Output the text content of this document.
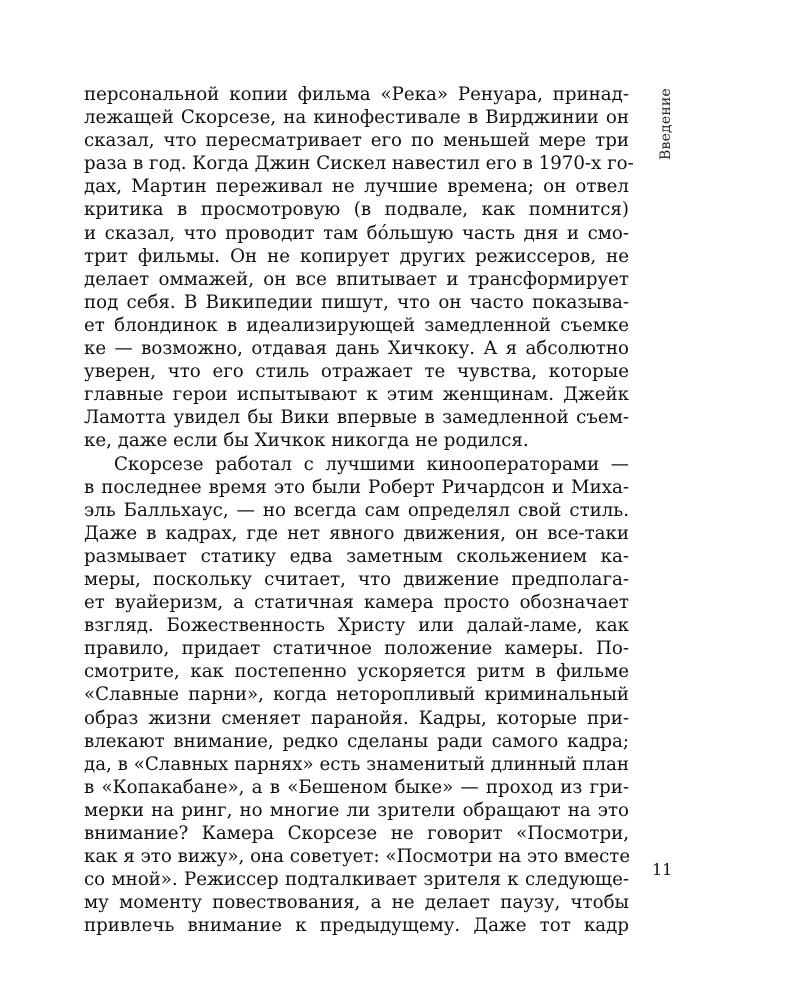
Введение
персональной копии фильма «Река» Ренуара, принад-
лежащей Скорсезе, на кинофестивале в Вирджинии он
сказал, что пересматривает его по меньшей мере три
раза в год. Когда Джин Сискел навестил его в 1970-х го-
дах, Мартин переживал не лучшие времена; он отвел
критика в просмотровую (в подвале, как помнится)
и сказал, что проводит там бóльшую часть дня и смо-
трит фильмы. Он не копирует других режиссеров, не
делает оммажей, он все впитывает и трансформирует
под себя. В Википедии пишут, что он часто показыва-
ет блондинок в идеализирующей замедленной съемке
ке — возможно, отдавая дань Хичкоку. А я абсолютно
уверен, что его стиль отражает те чувства, которые
главные герои испытывают к этим женщинам. Джейк
Ламотта увидел бы Вики впервые в замедленной съем-
ке, даже если бы Хичкок никогда не родился.
Скорсезе работал с лучшими кинооператорами —
в последнее время это были Роберт Ричардсон и Миха-
эль Балльхаус, — но всегда сам определял свой стиль.
Даже в кадрах, где нет явного движения, он все-таки
размывает статику едва заметным скольжением ка-
меры, поскольку считает, что движение предполага-
ет вуайеризм, а статичная камера просто обозначает
взгляд. Божественность Христу или далай-ламе, как
правило, придает статичное положение камеры. По-
смотрите, как постепенно ускоряется ритм в фильме
«Славные парни», когда неторопливый криминальный
образ жизни сменяет паранойя. Кадры, которые при-
влекают внимание, редко сделаны ради самого кадра;
да, в «Славных парнях» есть знаменитый длинный план
в «Копакабане», а в «Бешеном быке» — проход из гри-
мерки на ринг, но многие ли зрители обращают на это
внимание? Камера Скорсезе не говорит «Посмотри,
как я это вижу», она советует: «Посмотри на это вместе
со мной». Режиссер подталкивает зрителя к следующе-
му моменту повествования, а не делает паузу, чтобы
привлечь внимание к предыдущему. Даже тот кадр
11
